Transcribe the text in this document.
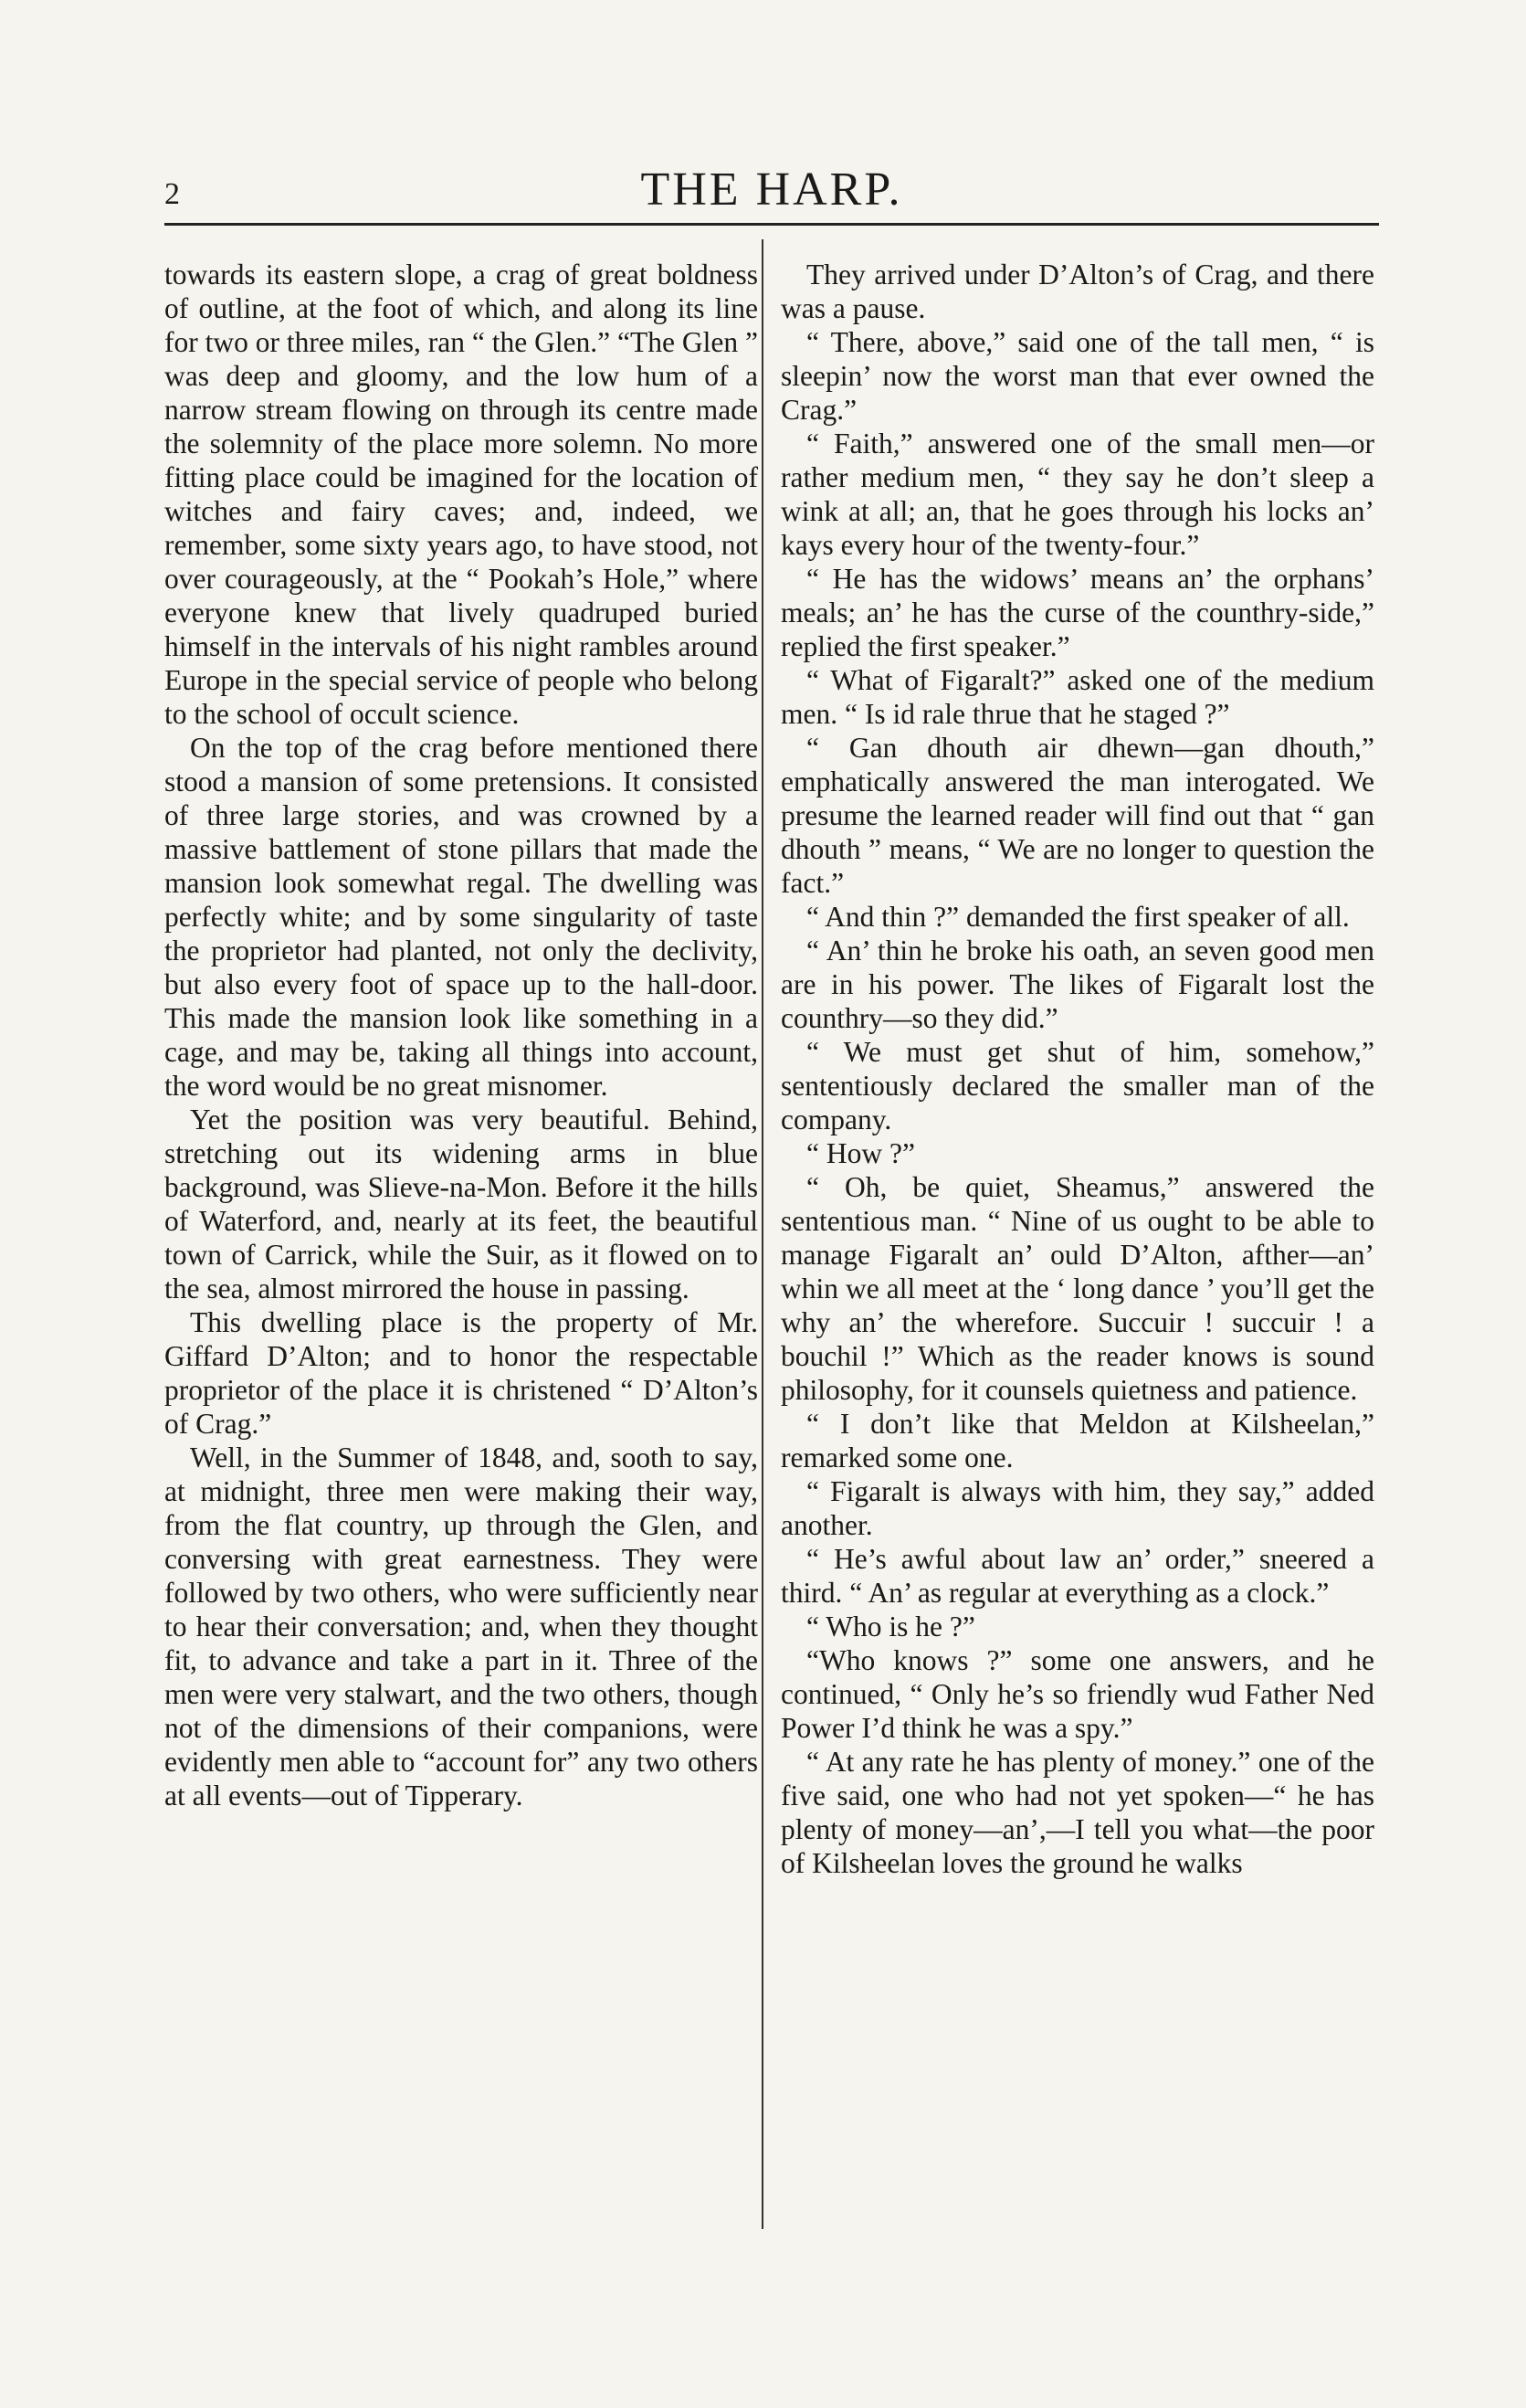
2	THE HARP.

towards its eastern slope, a crag of great boldness of outline, at the foot of which, and along its line for two or three miles, ran “ the Glen.” “The Glen ” was deep and gloomy, and the low hum of a narrow stream flowing on through its centre made the solemnity of the place more solemn. No more fitting place could be imagined for the location of witches and fairy caves; and, indeed, we remember, some sixty years ago, to have stood, not over courageously, at the “ Pookah’s Hole,” where everyone knew that lively quadruped buried himself in the intervals of his night rambles around Europe in the special service of people who belong to the school of occult science.

On the top of the crag before mentioned there stood a mansion of some pretensions. It consisted of three large stories, and was crowned by a massive battlement of stone pillars that made the mansion look somewhat regal. The dwelling was perfectly white; and by some singularity of taste the proprietor had planted, not only the declivity, but also every foot of space up to the hall-door. This made the mansion look like something in a cage, and may be, taking all things into account, the word would be no great misnomer.

Yet the position was very beautiful. Behind, stretching out its widening arms in blue background, was Slieve-na-Mon. Before it the hills of Waterford, and, nearly at its feet, the beautiful town of Carrick, while the Suir, as it flowed on to the sea, almost mirrored the house in passing.

This dwelling place is the property of Mr. Giffard D’Alton; and to honor the respectable proprietor of the place it is christened “ D’Alton’s of Crag.”

Well, in the Summer of 1848, and, sooth to say, at midnight, three men were making their way, from the flat country, up through the Glen, and conversing with great earnestness. They were followed by two others, who were sufficiently near to hear their conversation; and, when they thought fit, to advance and take a part in it. Three of the men were very stalwart, and the two others, though not of the dimensions of their companions, were evidently men able to “account for” any two others at all events—out of Tipperary.

They arrived under D’Alton’s of Crag, and there was a pause.

“ There, above,” said one of the tall men, “ is sleepin’ now the worst man that ever owned the Crag.”

“ Faith,” answered one of the small men—or rather medium men, “ they say he don’t sleep a wink at all; an, that he goes through his locks an’ kays every hour of the twenty-four.”

“ He has the widows’ means an’ the orphans’ meals; an’ he has the curse of the counthry-side,” replied the first speaker.”

“ What of Figaralt?” asked one of the medium men. “ Is id rale thrue that he staged ?”

“ Gan dhouth air dhewn—gan dhouth,” emphatically answered the man interogated. We presume the learned reader will find out that “ gan dhouth ” means, “ We are no longer to question the fact.”

“ And thin ?” demanded the first speaker of all.

“ An’ thin he broke his oath, an seven good men are in his power. The likes of Figaralt lost the counthry—so they did.”

“ We must get shut of him, somehow,” sententiously declared the smaller man of the company.

“ How ?”

“ Oh, be quiet, Sheamus,” answered the sententious man. “ Nine of us ought to be able to manage Figaralt an’ ould D’Alton, afther—an’ whin we all meet at the ‘ long dance ’ you’ll get the why an’ the wherefore. Succuir ! succuir ! a bouchil !” Which as the reader knows is sound philosophy, for it counsels quietness and patience.

“ I don’t like that Meldon at Kilsheelan,” remarked some one.

“ Figaralt is always with him, they say,” added another.

“ He’s awful about law an’ order,” sneered a third. “ An’ as regular at everything as a clock.”

“ Who is he ?”

“Who knows ?” some one answers, and he continued, “ Only he’s so friendly wud Father Ned Power I’d think he was a spy.”

“ At any rate he has plenty of money.” one of the five said, one who had not yet spoken—“ he has plenty of money—an’,—I tell you what—the poor of Kilsheelan loves the ground he walks
